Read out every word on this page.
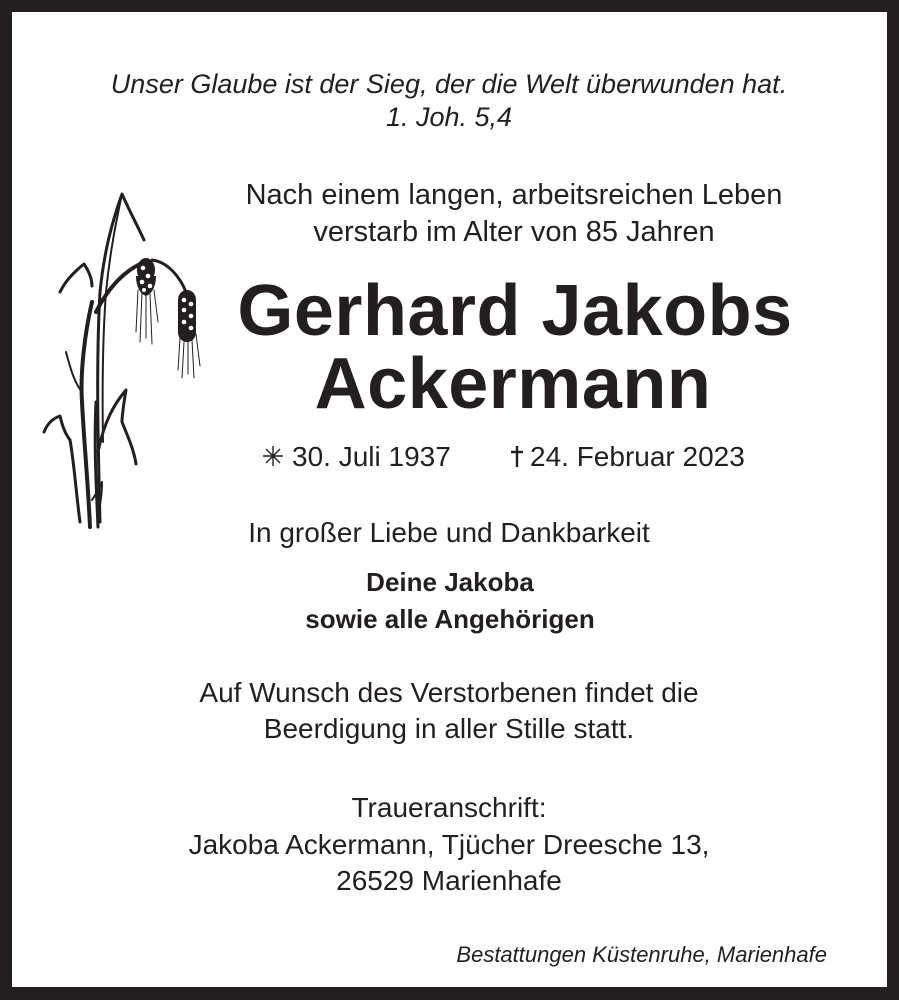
Unser Glaube ist der Sieg, der die Welt überwunden hat.
1. Joh. 5,4
Nach einem langen, arbeitsreichen Leben
verstarb im Alter von 85 Jahren
Gerhard Jakobs
Ackermann
30. Juli 1937	24. Februar 2023
In großer Liebe und Dankbarkeit
Deine Jakoba
sowie alle Angehörigen
Auf Wunsch des Verstorbenen findet die
Beerdigung in aller Stille statt.
Traueranschrift:
Jakoba Ackermann, Tjücher Dreesche 13,
26529 Marienhafe
Bestattungen Küstenruhe, Marienhafe
